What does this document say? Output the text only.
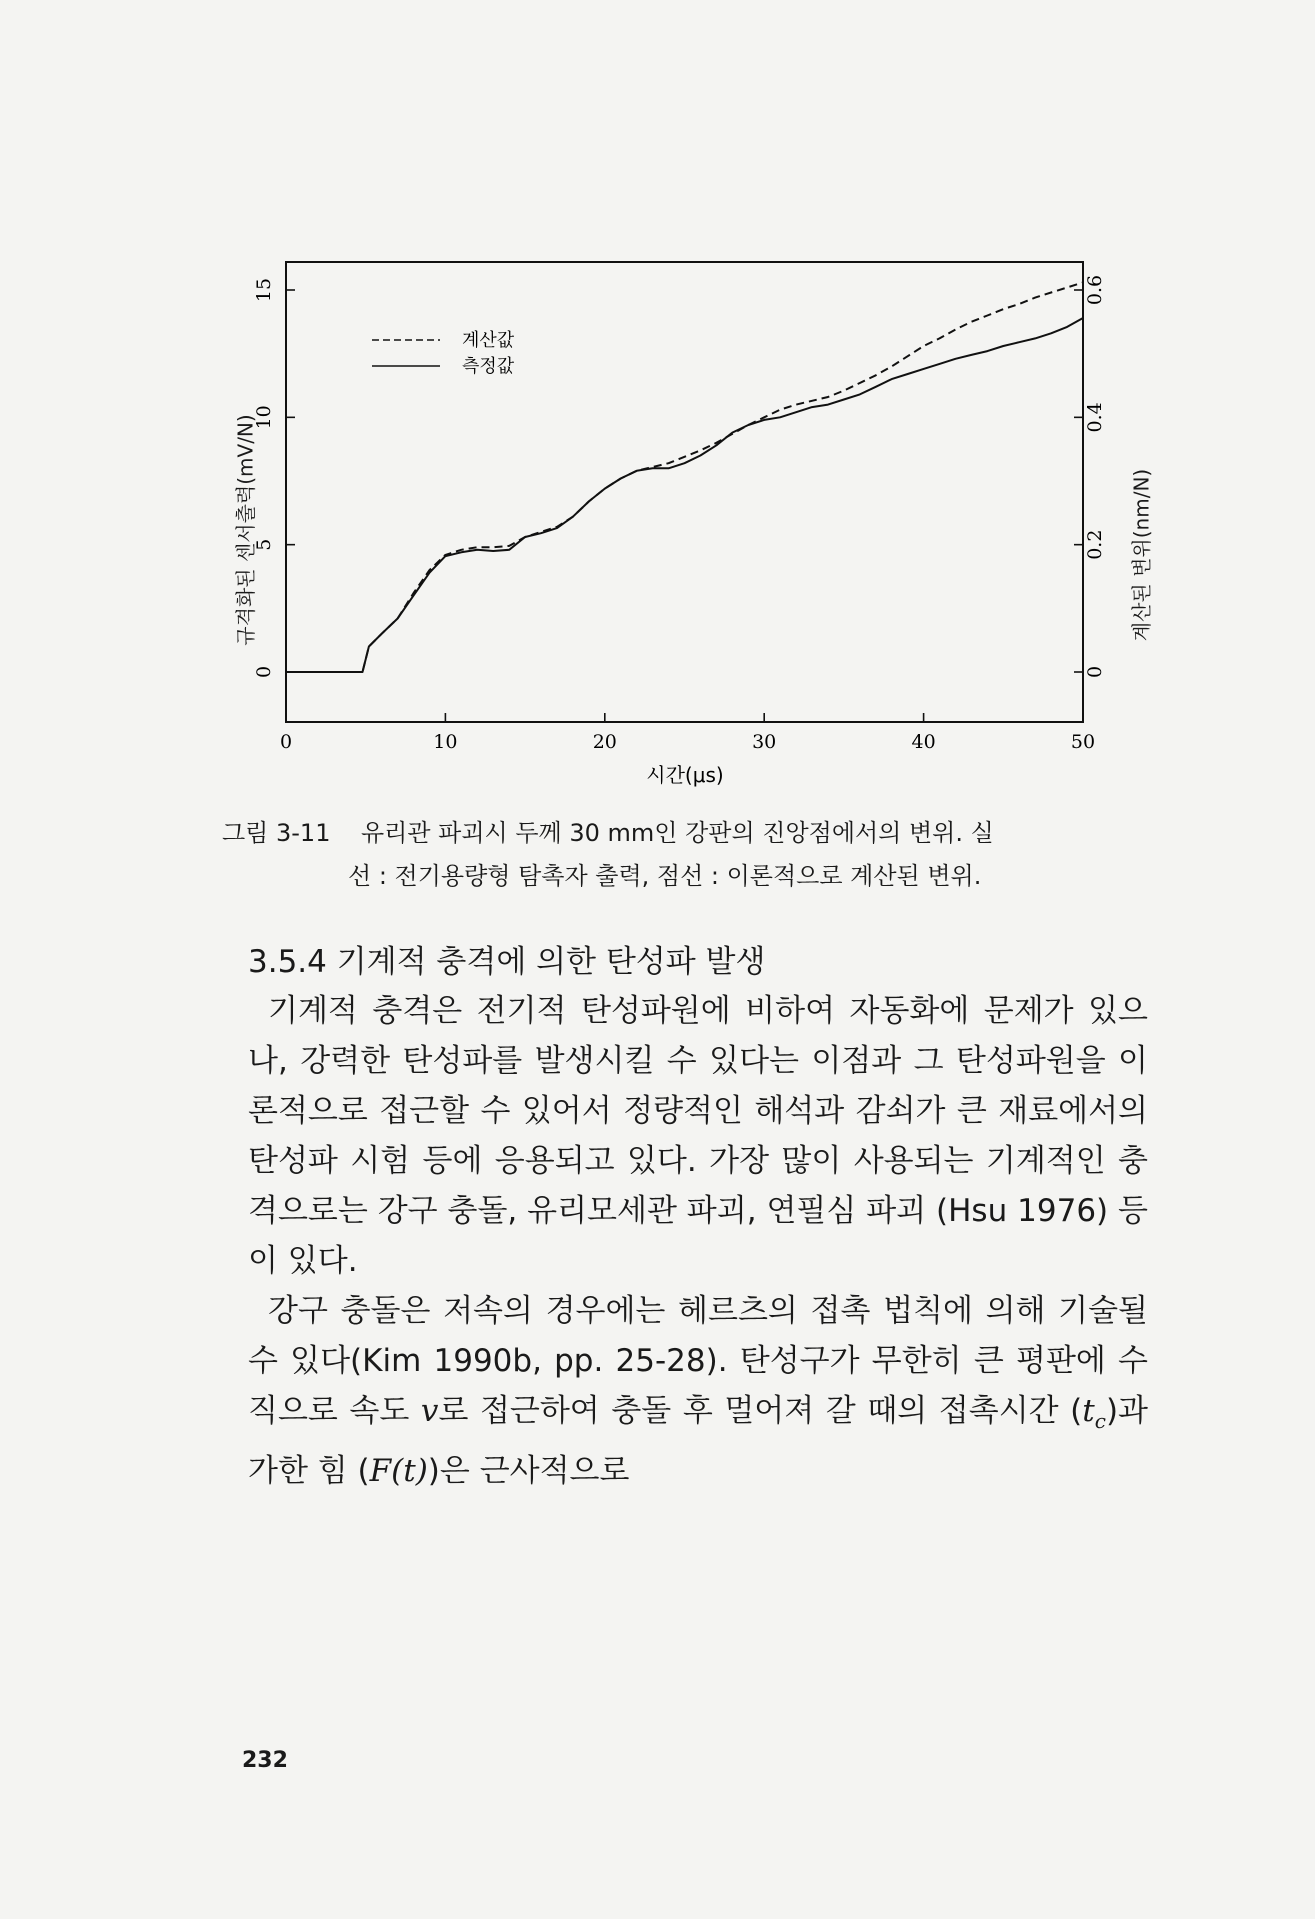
0	10	20	30	40	50
0
5
10
15
0
0.2
0.4
0.6
계산값
측정값
시간(μs)
규격화된 센서출력(mV/N)	계산된 변위(nm/N)
그림 3-11 유리관 파괴시 두께 30 mm인 강판의 진앙점에서의 변위. 실
선 : 전기용량형 탐촉자 출력, 점선 : 이론적으로 계산된 변위.
3.5.4 기계적 충격에 의한 탄성파 발생

기계적 충격은 전기적 탄성파원에 비하여 자동화에 문제가 있으나, 강력한 탄성파를 발생시킬 수 있다는 이점과 그 탄성파원을 이론적으로 접근할 수 있어서 정량적인 해석과 감쇠가 큰 재료에서의 탄성파 시험 등에 응용되고 있다. 가장 많이 사용되는 기계적인 충격으로는 강구 충돌, 유리모세관 파괴, 연필심 파괴 (Hsu 1976) 등이 있다.

강구 충돌은 저속의 경우에는 헤르츠의 접촉 법칙에 의해 기술될 수 있다(Kim 1990b, pp. 25-28). 탄성구가 무한히 큰 평판에 수직으로 속도 v로 접근하여 충돌 후 멀어져 갈 때의 접촉시간 $(t_c)$과 가한 힘 (F(t))은 근사적으로

232
